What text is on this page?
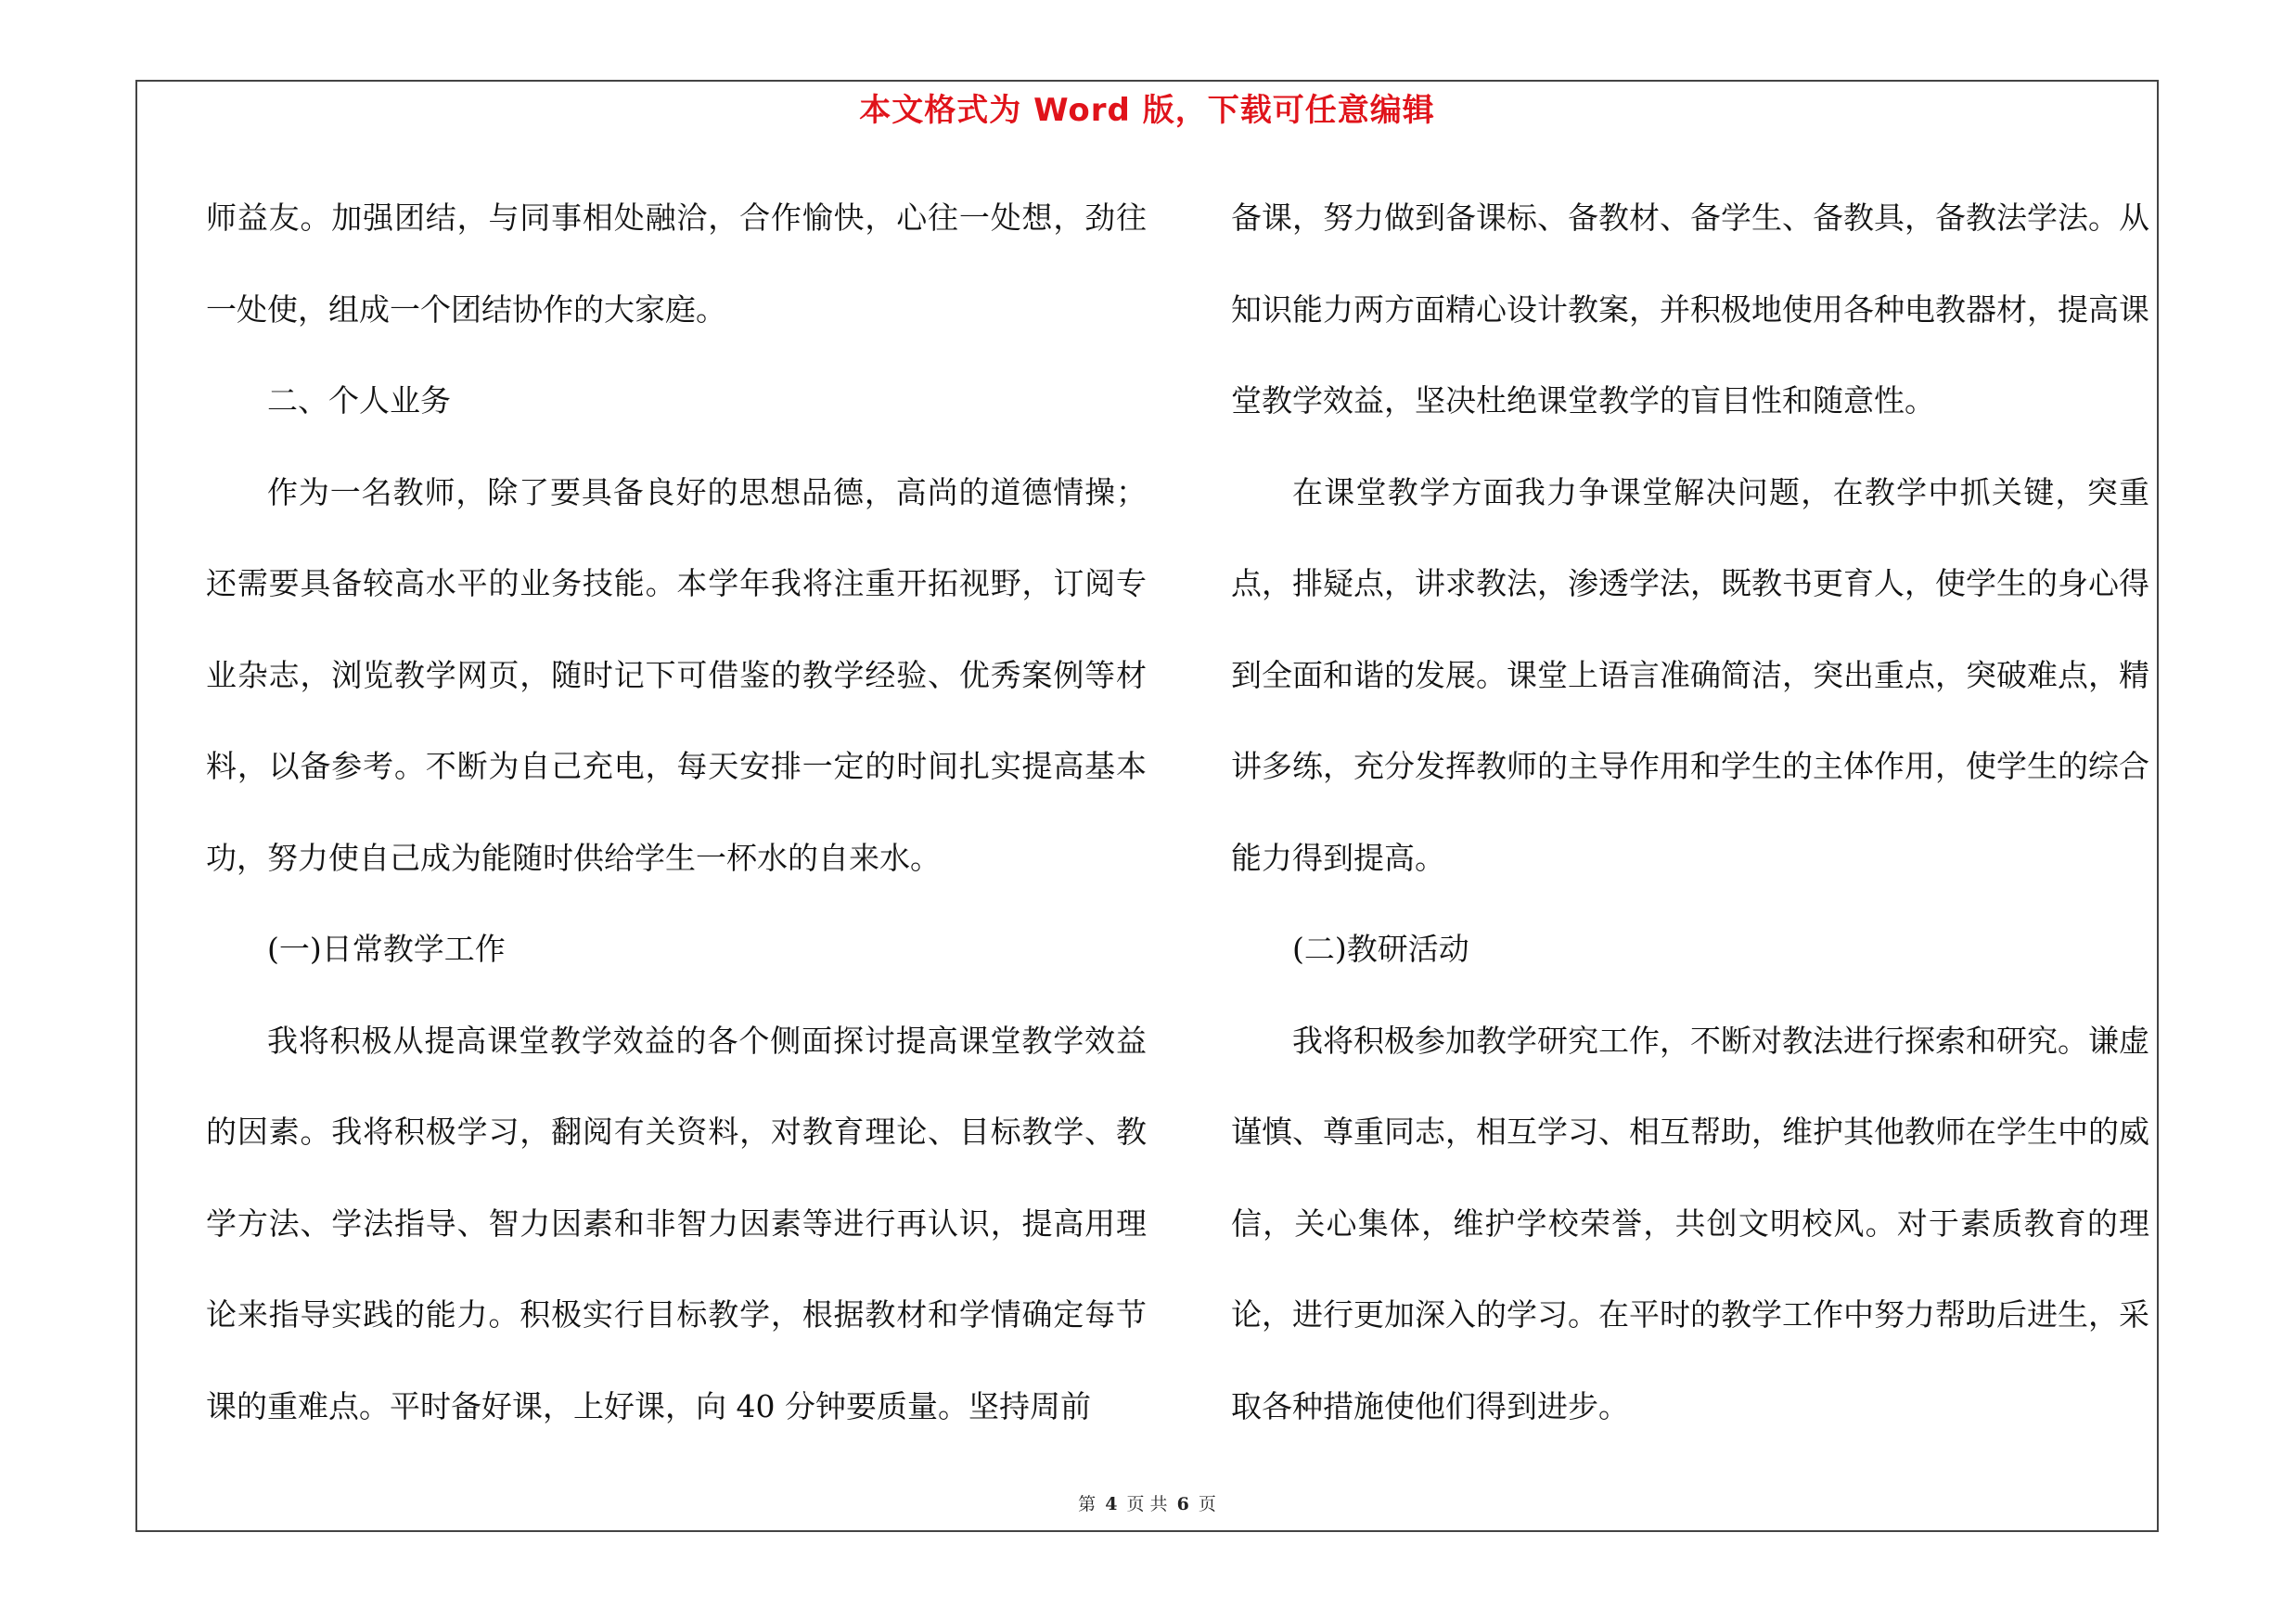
本文格式为 Word 版，下载可任意编辑

师益友。加强团结，与同事相处融洽，合作愉快，心往一处想，劲往一处使，组成一个团结协作的大家庭。

二、个人业务

作为一名教师，除了要具备良好的思想品德，高尚的道德情操；还需要具备较高水平的业务技能。本学年我将注重开拓视野，订阅专业杂志，浏览教学网页，随时记下可借鉴的教学经验、优秀案例等材料，以备参考。不断为自己充电，每天安排一定的时间扎实提高基本功，努力使自己成为能随时供给学生一杯水的自来水。

(一)日常教学工作

我将积极从提高课堂教学效益的各个侧面探讨提高课堂教学效益的因素。我将积极学习，翻阅有关资料，对教育理论、目标教学、教学方法、学法指导、智力因素和非智力因素等进行再认识，提高用理论来指导实践的能力。积极实行目标教学，根据教材和学情确定每节课的重难点。平时备好课，上好课，向 40 分钟要质量。坚持周前

备课，努力做到备课标、备教材、备学生、备教具，备教法学法。从知识能力两方面精心设计教案，并积极地使用各种电教器材，提高课堂教学效益，坚决杜绝课堂教学的盲目性和随意性。

在课堂教学方面我力争课堂解决问题，在教学中抓关键，突重点，排疑点，讲求教法，渗透学法，既教书更育人，使学生的身心得到全面和谐的发展。课堂上语言准确简洁，突出重点，突破难点，精讲多练，充分发挥教师的主导作用和学生的主体作用，使学生的综合能力得到提高。

(二)教研活动

我将积极参加教学研究工作，不断对教法进行探索和研究。谦虚谨慎、尊重同志，相互学习、相互帮助，维护其他教师在学生中的威信，关心集体，维护学校荣誉，共创文明校风。对于素质教育的理论，进行更加深入的学习。在平时的教学工作中努力帮助后进生，采取各种措施使他们得到进步。

第 4 页 共 6 页
